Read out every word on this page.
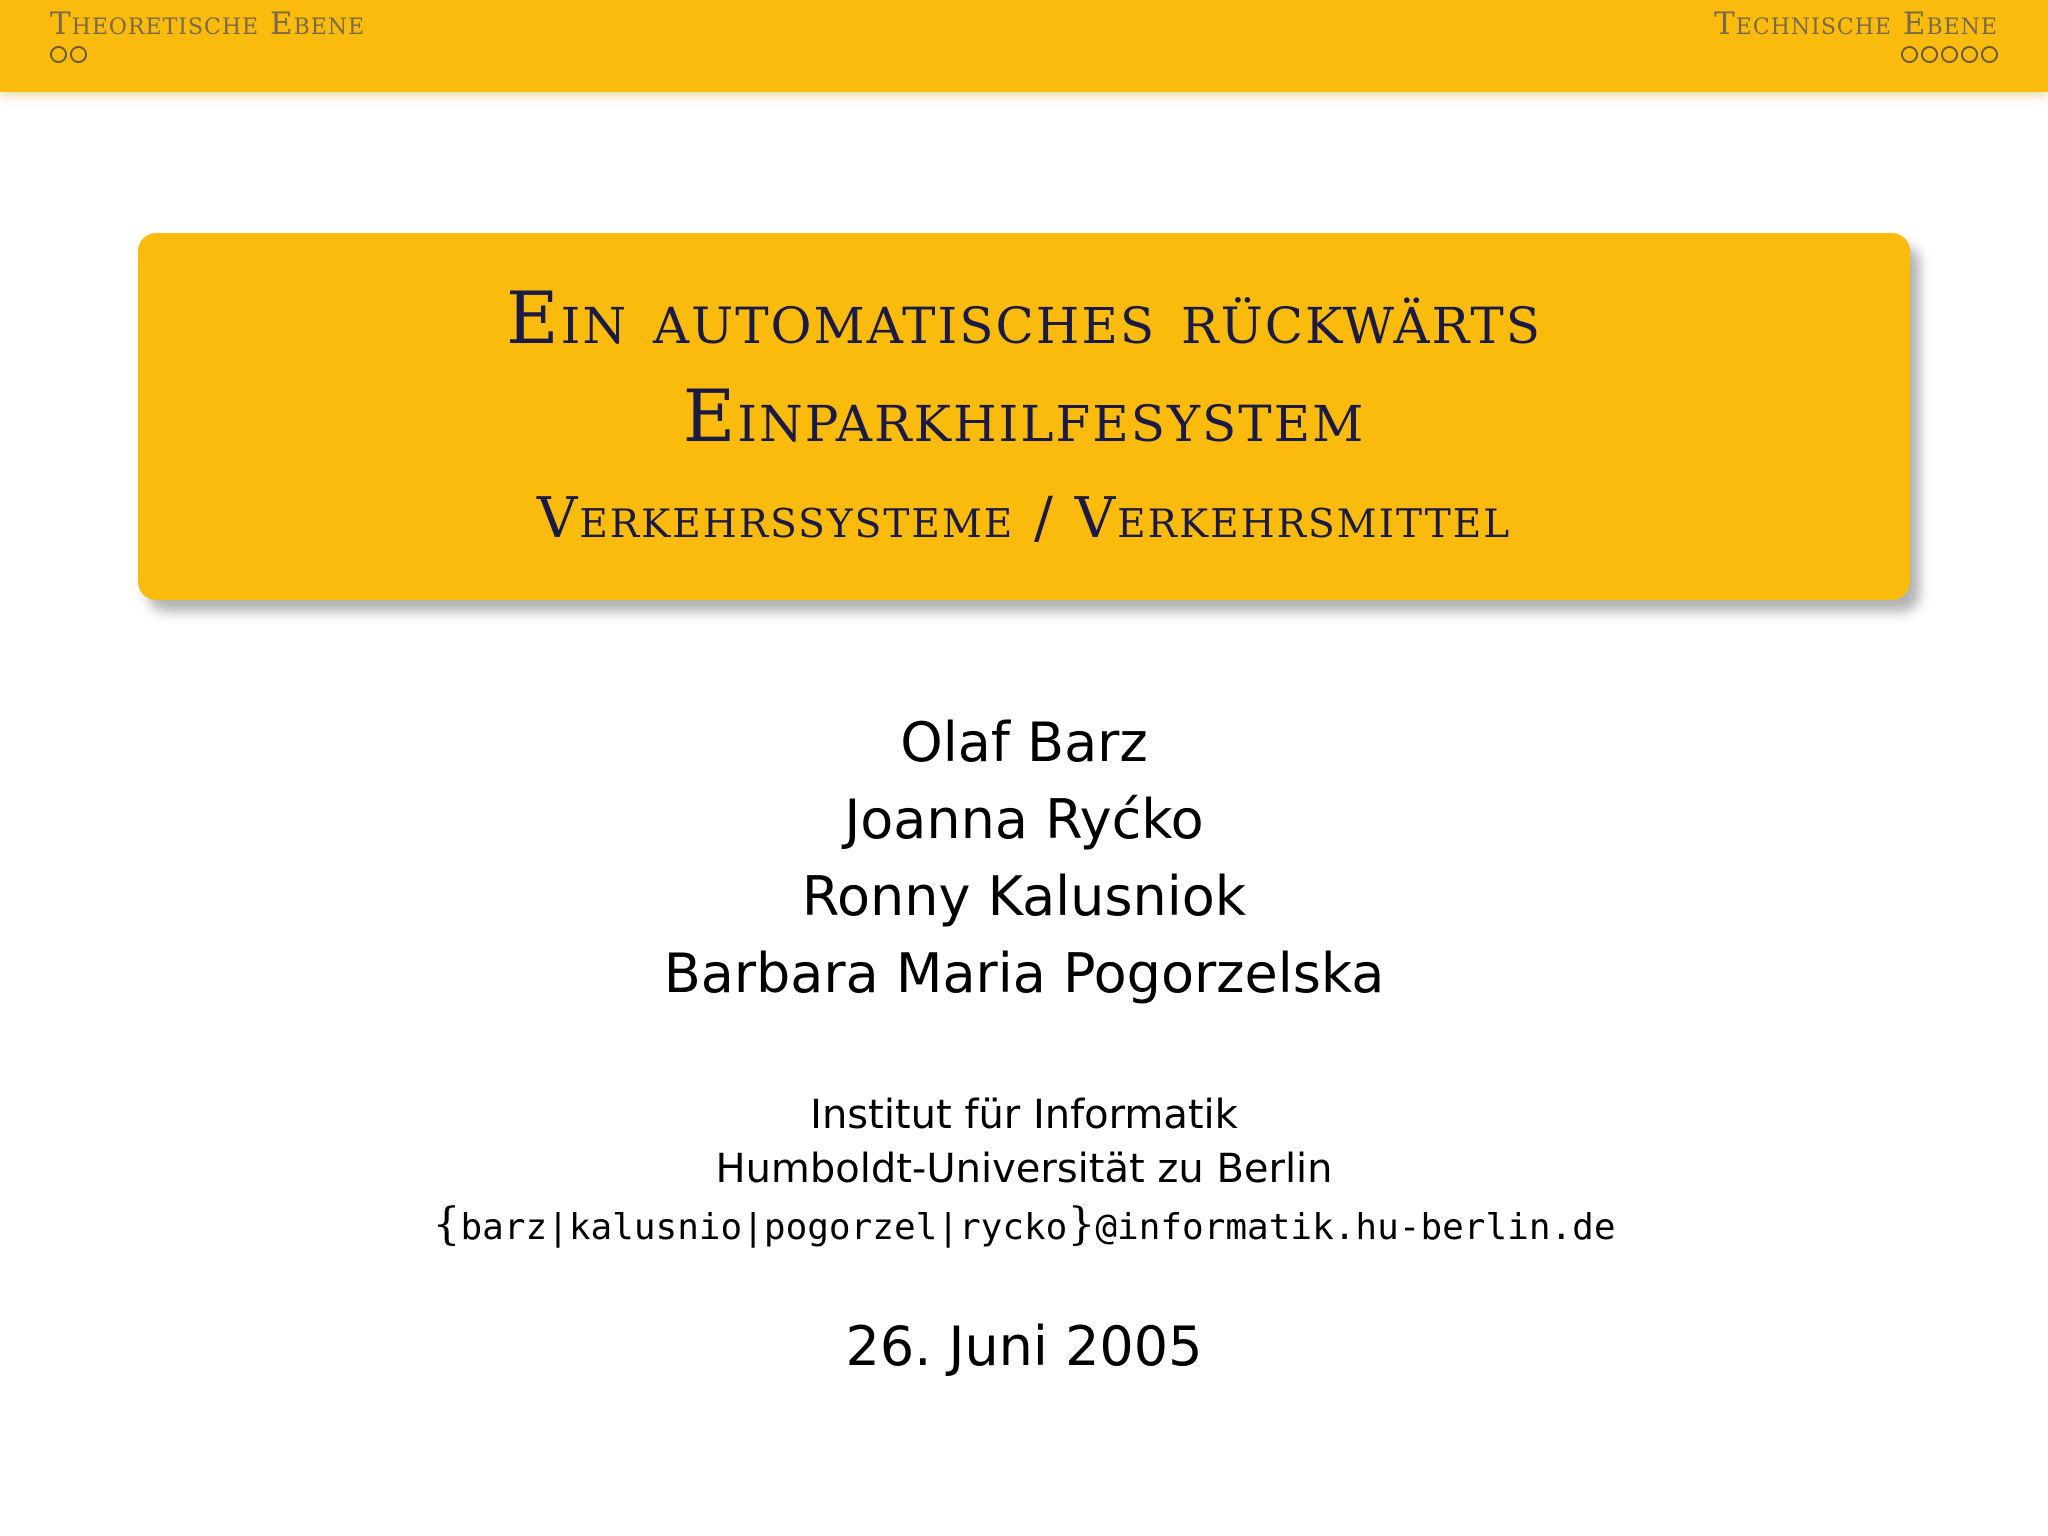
Theoretische Ebene	Technische Ebene
Ein automatisches rückwärts
Einparkhilfesystem
Verkehrssysteme / Verkehrsmittel
Olaf Barz
Joanna Ryćko
Ronny Kalusniok
Barbara Maria Pogorzelska
Institut für Informatik
Humboldt-Universität zu Berlin
{barz|kalusnio|pogorzel|rycko}@informatik.hu-berlin.de
26. Juni 2005
